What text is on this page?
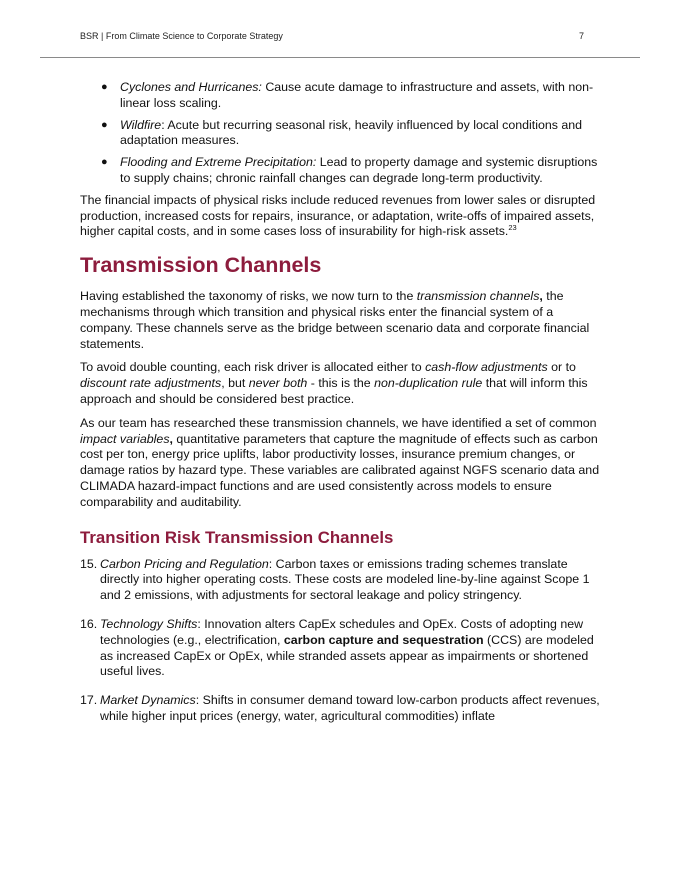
BSR | From Climate Science to Corporate Strategy	7
● Cyclones and Hurricanes: Cause acute damage to infrastructure and assets, with non-linear loss scaling.
● Wildfire: Acute but recurring seasonal risk, heavily influenced by local conditions and adaptation measures.
● Flooding and Extreme Precipitation: Lead to property damage and systemic disruptions to supply chains; chronic rainfall changes can degrade long-term productivity.

The financial impacts of physical risks include reduced revenues from lower sales or disrupted production, increased costs for repairs, insurance, or adaptation, write-offs of impaired assets, higher capital costs, and in some cases loss of insurability for high-risk assets.$^{23}$

Transmission Channels

Having established the taxonomy of risks, we now turn to the transmission channels, the mechanisms through which transition and physical risks enter the financial system of a company. These channels serve as the bridge between scenario data and corporate financial statements.

To avoid double counting, each risk driver is allocated either to cash-flow adjustments or to discount rate adjustments, but never both - this is the non-duplication rule that will inform this approach and should be considered best practice.

As our team has researched these transmission channels, we have identified a set of common impact variables, quantitative parameters that capture the magnitude of effects such as carbon cost per ton, energy price uplifts, labor productivity losses, insurance premium changes, or damage ratios by hazard type. These variables are calibrated against NGFS scenario data and CLIMADA hazard-impact functions and are used consistently across models to ensure comparability and auditability.

Transition Risk Transmission Channels
15. Carbon Pricing and Regulation: Carbon taxes or emissions trading schemes translate directly into higher operating costs. These costs are modeled line-by-line against Scope 1 and 2 emissions, with adjustments for sectoral leakage and policy stringency.
16. Technology Shifts: Innovation alters CapEx schedules and OpEx. Costs of adopting new technologies (e.g., electrification, carbon capture and sequestration (CCS) are modeled as increased CapEx or OpEx, while stranded assets appear as impairments or shortened useful lives.
17. Market Dynamics: Shifts in consumer demand toward low-carbon products affect revenues, while higher input prices (energy, water, agricultural commodities) inflate
